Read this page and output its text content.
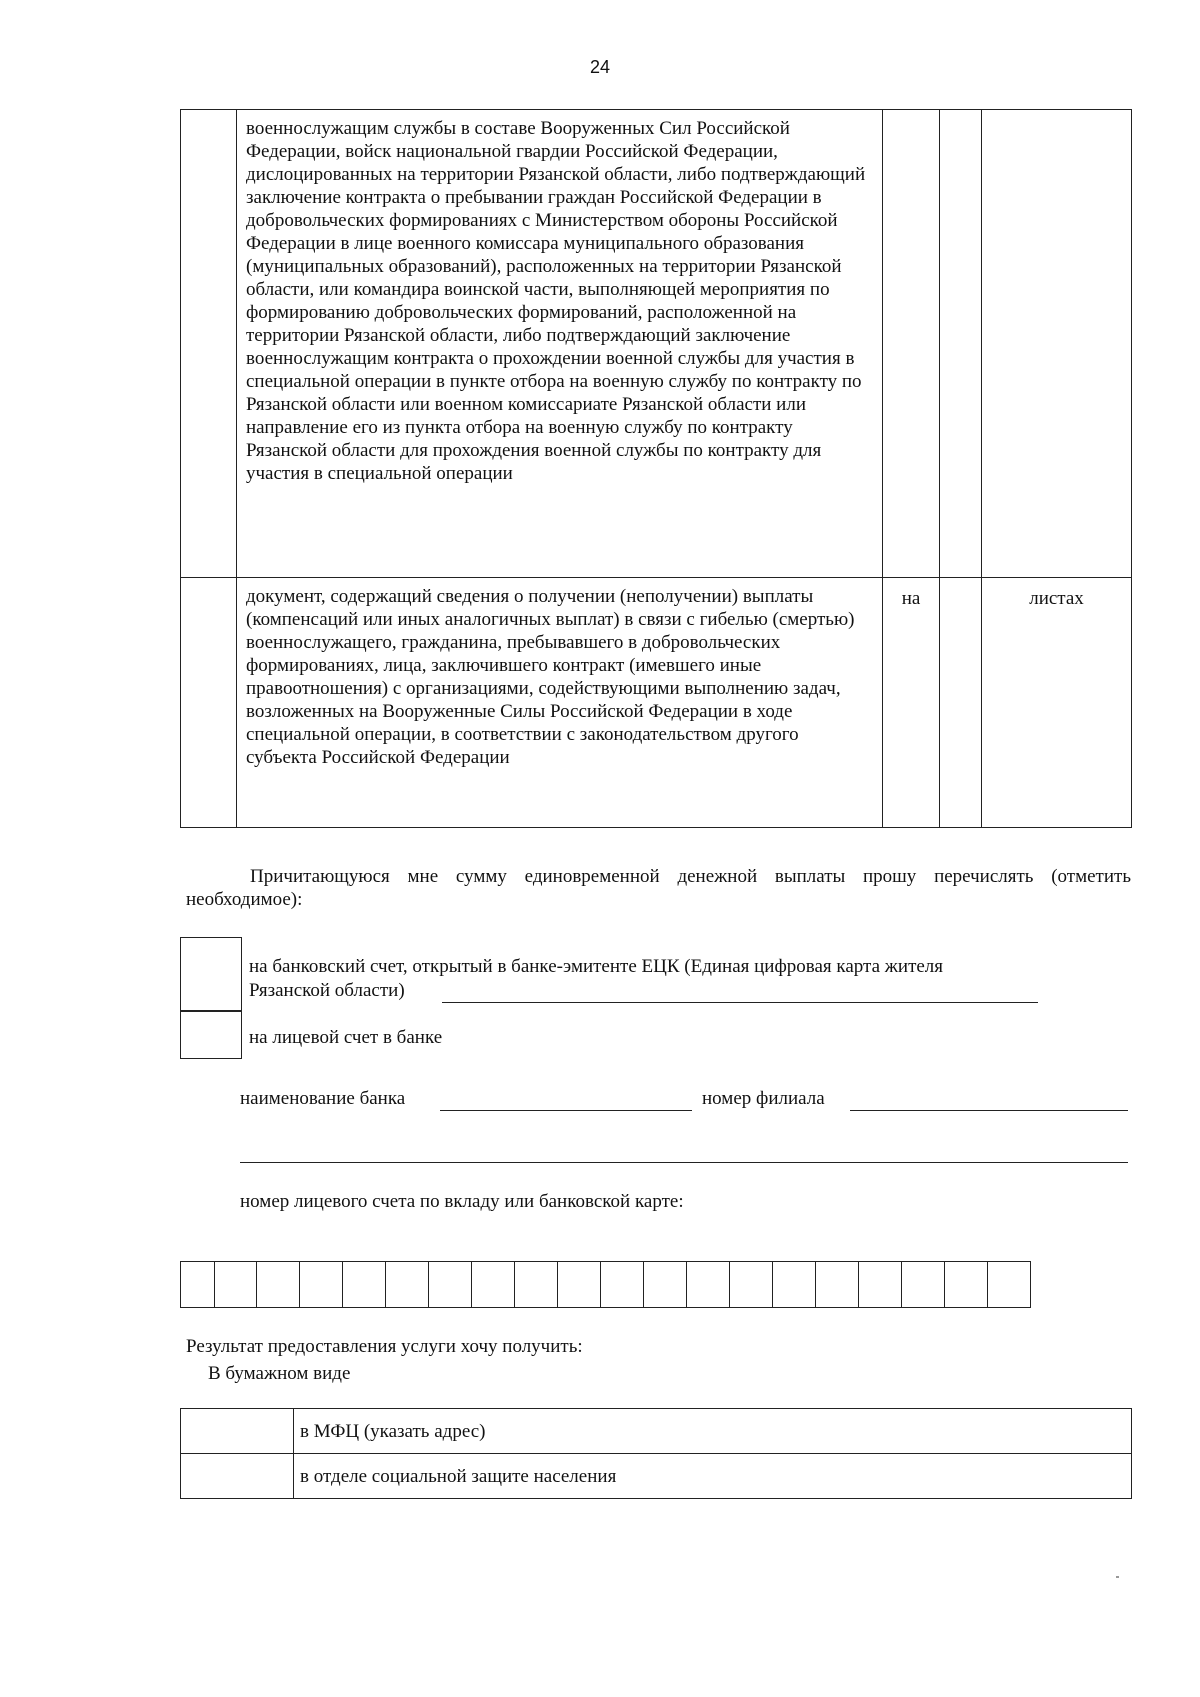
24
	военнослужащим службы в составе Вооруженных Сил Российской Федерации, войск национальной гвардии Российской Федерации, дислоцированных на территории Рязанской области, либо подтверждающий заключение контракта о пребывании граждан Российской Федерации в добровольческих формированиях с Министерством обороны Российской Федерации в лице военного комиссара муниципального образования (муниципальных образований), расположенных на территории Рязанской области, или командира воинской части, выполняющей мероприятия по формированию добровольческих формирований, расположенной на территории Рязанской области, либо подтверждающий заключение военнослужащим контракта о прохождении военной службы для участия в специальной операции в пункте отбора на военную службу по контракту по Рязанской области или военном комиссариате Рязанской области или направление его из пункта отбора на военную службу по контракту Рязанской области для прохождения военной службы по контракту для участия в специальной операции			
	документ, содержащий сведения о получении (неполучении) выплаты (компенсаций или иных аналогичных выплат) в связи с гибелью (смертью) военнослужащего, гражданина, пребывавшего в добровольческих формированиях, лица, заключившего контракт (имевшего иные правоотношения) с организациями, содействующими выполнению задач, возложенных на Вооруженные Силы Российской Федерации в ходе специальной операции, в соответствии с законодательством другого субъекта Российской Федерации	на		листах
Причитающуюся мне сумму единовременной денежной выплаты прошу перечислять (отметить необходимое):
на банковский счет, открытый в банке-эмитенте ЕЦК (Единая цифровая карта жителя
Рязанской области)
на лицевой счет в банке
наименование банка	номер филиала
номер лицевого счета по вкладу или банковской карте:
Результат предоставления услуги хочу получить:
В бумажном виде
	в МФЦ (указать адрес)
	в отделе социальной защите населения
